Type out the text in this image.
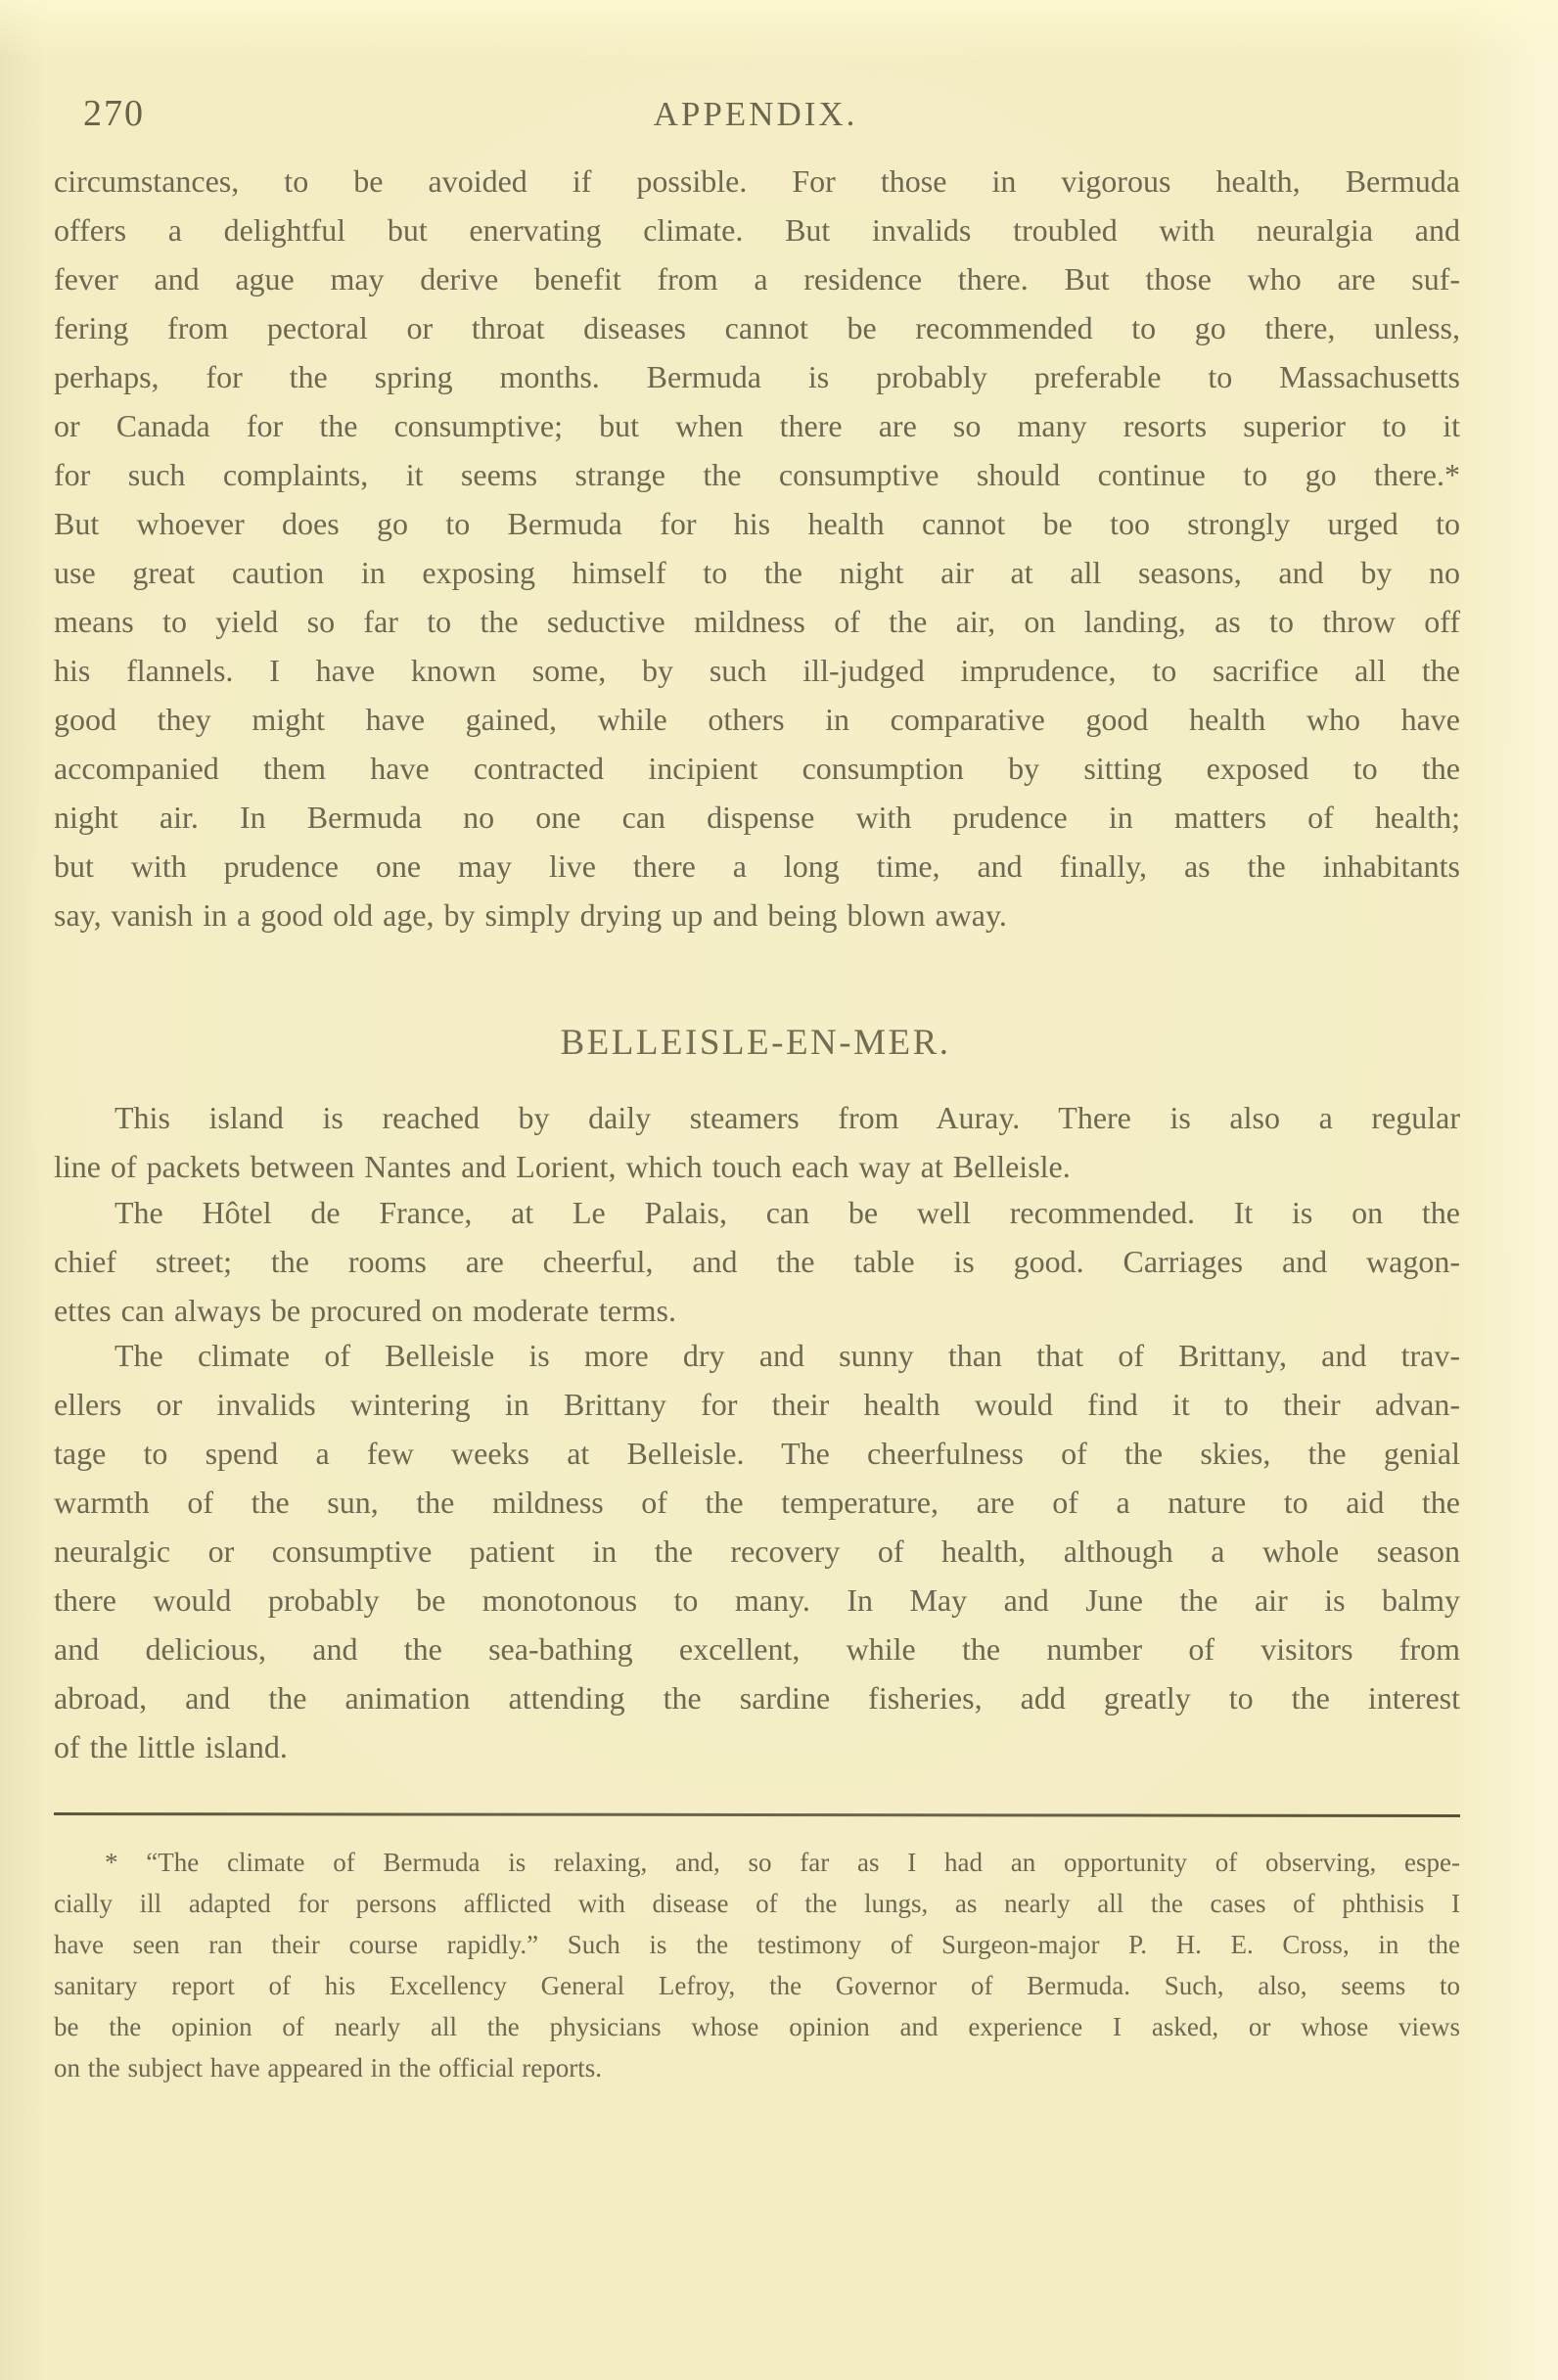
270	APPENDIX.
circumstances, to be avoided if possible. For those in vigorous health, Bermuda
offers a delightful but enervating climate. But invalids troubled with neuralgia and
fever and ague may derive benefit from a residence there. But those who are suf-
fering from pectoral or throat diseases cannot be recommended to go there, unless,
perhaps, for the spring months. Bermuda is probably preferable to Massachusetts
or Canada for the consumptive; but when there are so many resorts superior to it
for such complaints, it seems strange the consumptive should continue to go there.*
But whoever does go to Bermuda for his health cannot be too strongly urged to
use great caution in exposing himself to the night air at all seasons, and by no
means to yield so far to the seductive mildness of the air, on landing, as to throw off
his flannels. I have known some, by such ill-judged imprudence, to sacrifice all the
good they might have gained, while others in comparative good health who have
accompanied them have contracted incipient consumption by sitting exposed to the
night air. In Bermuda no one can dispense with prudence in matters of health;
but with prudence one may live there a long time, and finally, as the inhabitants
say, vanish in a good old age, by simply drying up and being blown away.
BELLEISLE-EN-MER.
This island is reached by daily steamers from Auray. There is also a regular
line of packets between Nantes and Lorient, which touch each way at Belleisle.
The Hôtel de France, at Le Palais, can be well recommended. It is on the
chief street; the rooms are cheerful, and the table is good. Carriages and wagon-
ettes can always be procured on moderate terms.
The climate of Belleisle is more dry and sunny than that of Brittany, and trav-
ellers or invalids wintering in Brittany for their health would find it to their advan-
tage to spend a few weeks at Belleisle. The cheerfulness of the skies, the genial
warmth of the sun, the mildness of the temperature, are of a nature to aid the
neuralgic or consumptive patient in the recovery of health, although a whole season
there would probably be monotonous to many. In May and June the air is balmy
and delicious, and the sea-bathing excellent, while the number of visitors from
abroad, and the animation attending the sardine fisheries, add greatly to the interest
of the little island.
* “The climate of Bermuda is relaxing, and, so far as I had an opportunity of observing, espe-
cially ill adapted for persons afflicted with disease of the lungs, as nearly all the cases of phthisis I
have seen ran their course rapidly.” Such is the testimony of Surgeon-major P. H. E. Cross, in the
sanitary report of his Excellency General Lefroy, the Governor of Bermuda. Such, also, seems to
be the opinion of nearly all the physicians whose opinion and experience I asked, or whose views
on the subject have appeared in the official reports.
